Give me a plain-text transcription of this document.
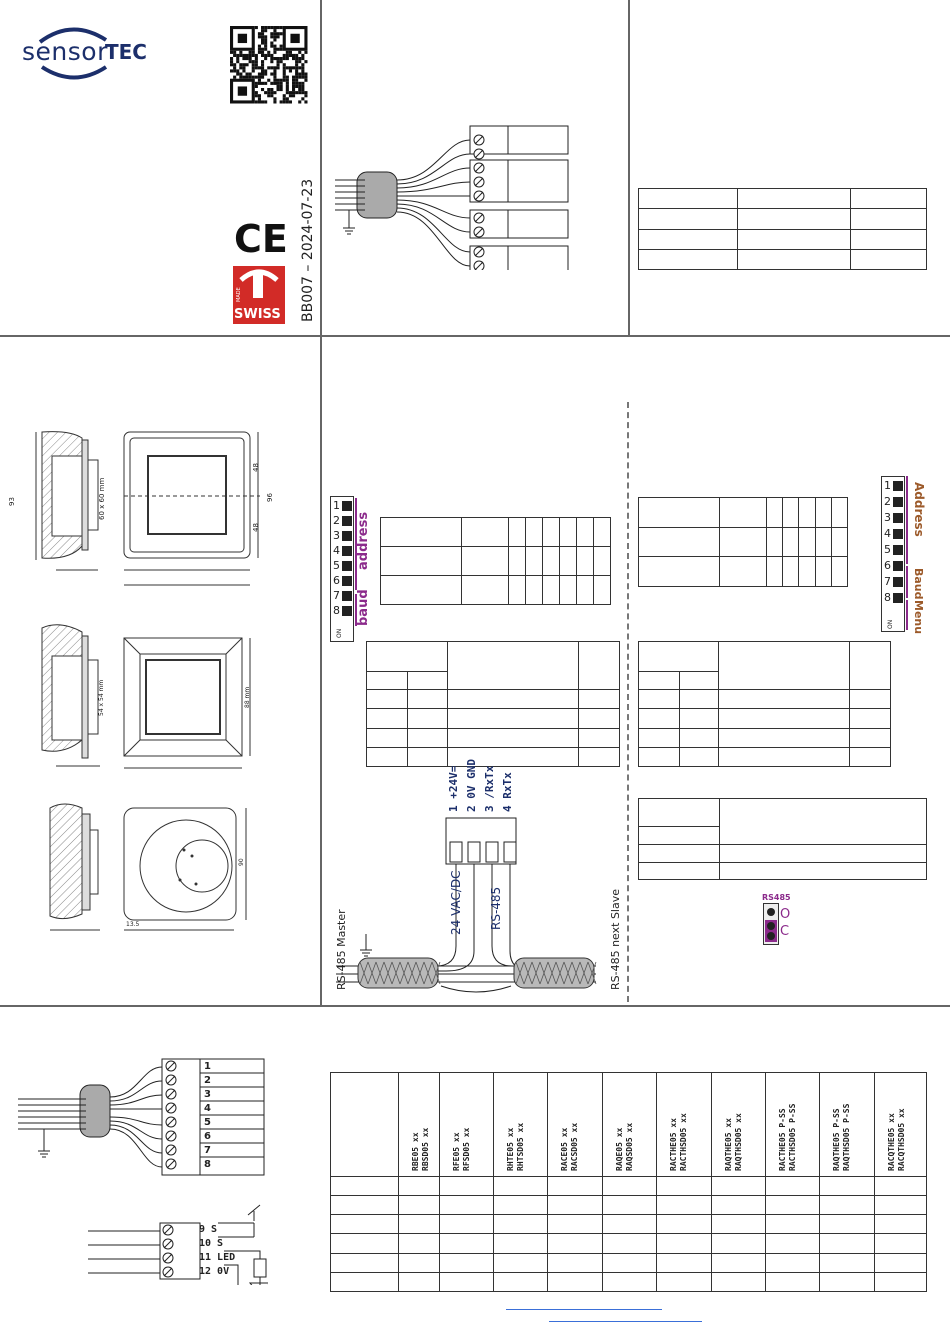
sensor
TEC
CE
MADE
SWISS BB007 – 2024-07-23

93	60 x 60 mm
48
48
96
54 x 54 mm	88 mm
90
13.5
1
2
3
4
5
6
7
8
ON
address
baud

1
2
3
4
5
6
7
8
ON
Address
Baud
Menu

RS485
O
C
1 +24V= 2 0V GND 3 /RxTx 4 RxTx
24 VAC/DC RS-485
RS-485 Master	RS-485 next Slave
1
2
3
4
5
6
7
8
9 S
10 S
11 LED
12 0V

	RBE05 xx RBSD05 xx	RFE05 xx RFSD05 xx	RHTE05 xx RHTSD05 xx	RACE05 xx RACSD05 xx	RAQE05 xx RAQSD05 xx	RACTHE05 xx RACTHSD05 xx	RAQTHE05 xx RAQTHSD05 xx	RACTHE05 P-SS RACTHSD05 P-SS	RAQTHE05 P-SS RAQTHSD05 P-SS	RACQTHE05 xx RACQTHSD05 xx
